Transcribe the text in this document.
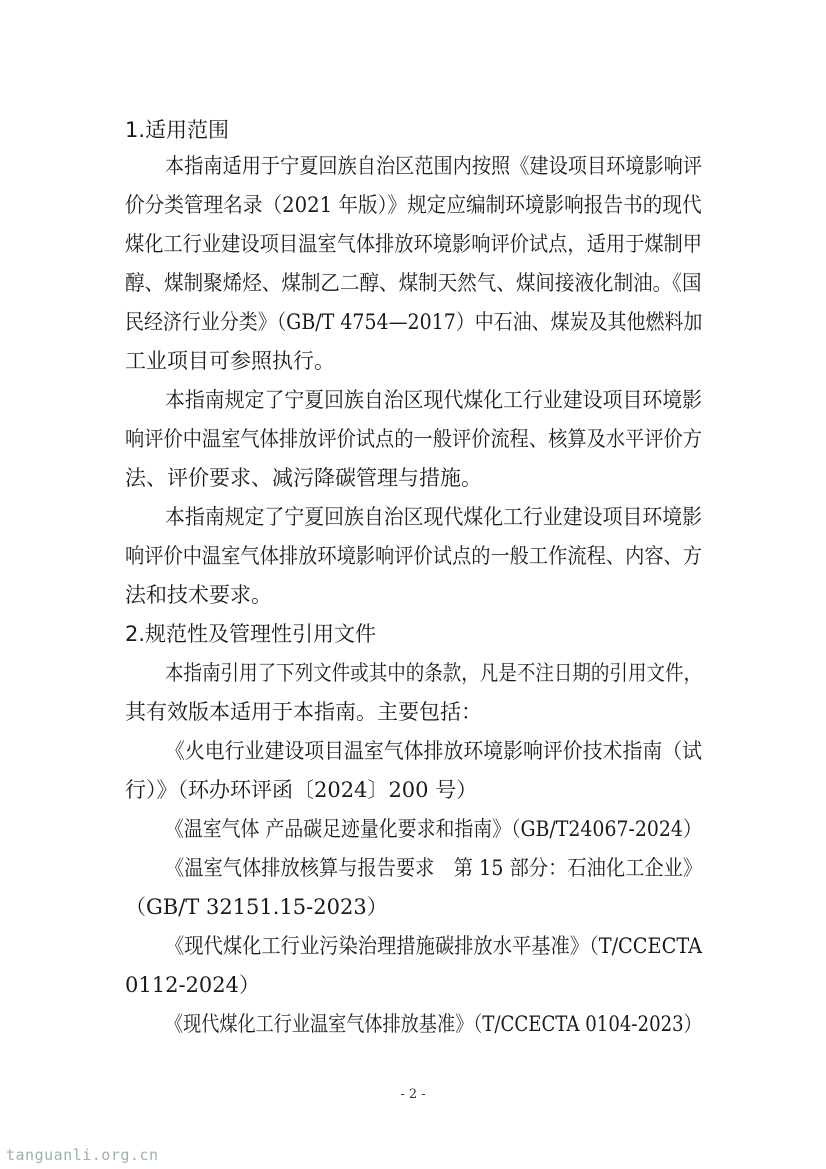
1.适用范围
本指南适用于宁夏回族自治区范围内按照《建设项目环境影响评
价分类管理名录（2021 年版）》规定应编制环境影响报告书的现代
煤化工行业建设项目温室气体排放环境影响评价试点，适用于煤制甲
醇、煤制聚烯烃、煤制乙二醇、煤制天然气、煤间接液化制油。《国
民经济行业分类》（GB/T 4754—2017）中石油、煤炭及其他燃料加
工业项目可参照执行。
本指南规定了宁夏回族自治区现代煤化工行业建设项目环境影
响评价中温室气体排放评价试点的一般评价流程、核算及水平评价方
法、评价要求、减污降碳管理与措施。
本指南规定了宁夏回族自治区现代煤化工行业建设项目环境影
响评价中温室气体排放环境影响评价试点的一般工作流程、内容、方
法和技术要求。
2.规范性及管理性引用文件
本指南引用了下列文件或其中的条款，凡是不注日期的引用文件，
其有效版本适用于本指南。主要包括：
《火电行业建设项目温室气体排放环境影响评价技术指南（试
行）》（环办环评函〔2024〕200 号）
《温室气体 产品碳足迹量化要求和指南》（GB/T24067-2024）
《温室气体排放核算与报告要求　第 15 部分：石油化工企业》
（GB/T 32151.15-2023）
《现代煤化工行业污染治理措施碳排放水平基准》（T/CCECTA
0112-2024）
《现代煤化工行业温室气体排放基准》（T/CCECTA 0104-2023）
- 2 -
tanguanli.org.cn
